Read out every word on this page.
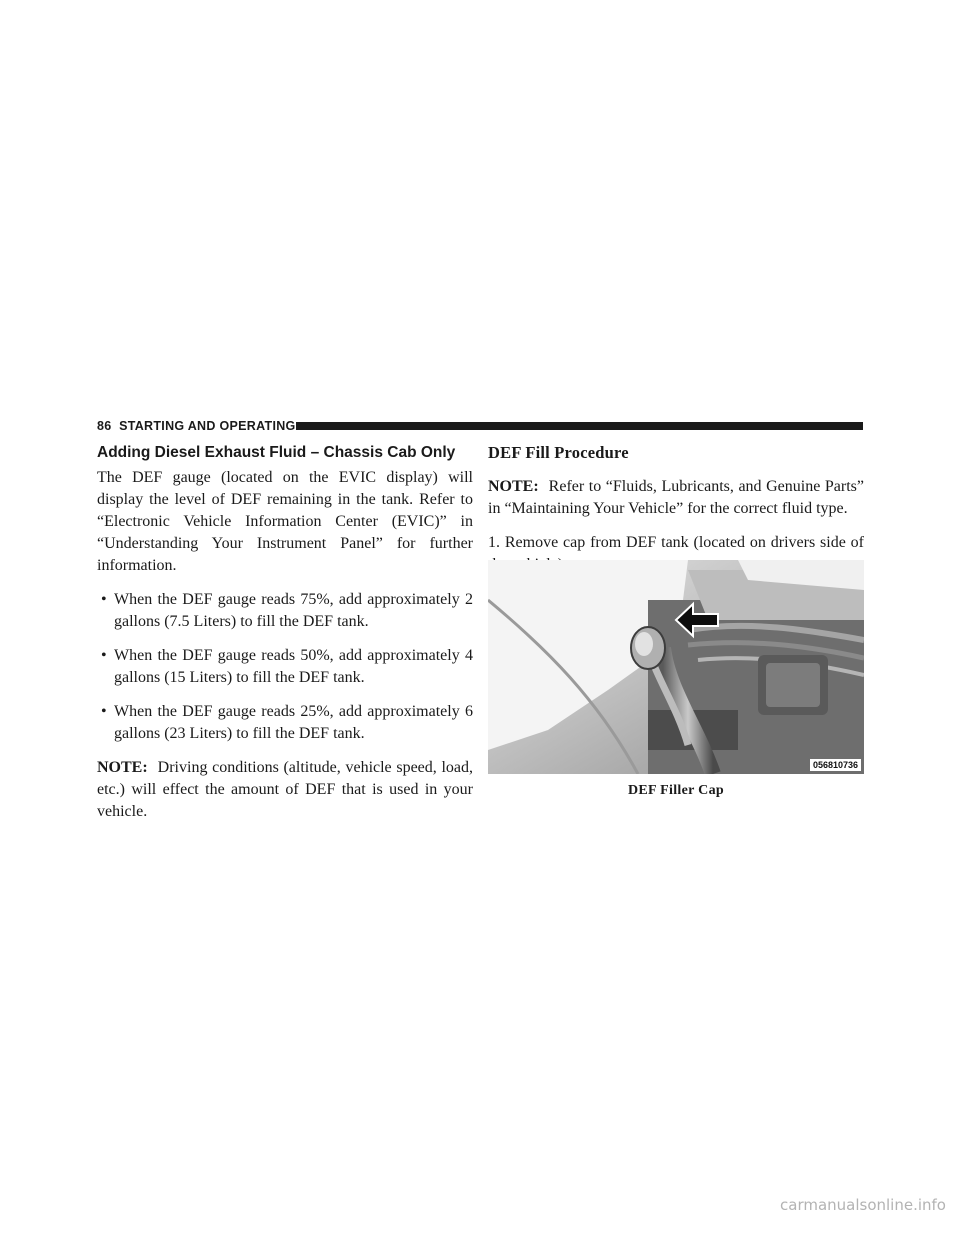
86 STARTING AND OPERATING
Adding Diesel Exhaust Fluid – Chassis Cab Only

The DEF gauge (located on the EVIC display) will display the level of DEF remaining in the tank. Refer to “Electronic Vehicle Information Center (EVIC)” in “Understanding Your Instrument Panel” for further information.

• When the DEF gauge reads 75%, add approximately 2 gallons (7.5 Liters) to fill the DEF tank.
• When the DEF gauge reads 50%, add approximately 4 gallons (15 Liters) to fill the DEF tank.
• When the DEF gauge reads 25%, add approximately 6 gallons (23 Liters) to fill the DEF tank.

NOTE: Driving conditions (altitude, vehicle speed, load, etc.) will effect the amount of DEF that is used in your vehicle.

DEF Fill Procedure

NOTE: Refer to “Fluids, Lubricants, and Genuine Parts” in “Maintaining Your Vehicle” for the correct fluid type.

1. Remove cap from DEF tank (located on drivers side of

056810736
DEF Filler Cap
carmanualsonline.info
